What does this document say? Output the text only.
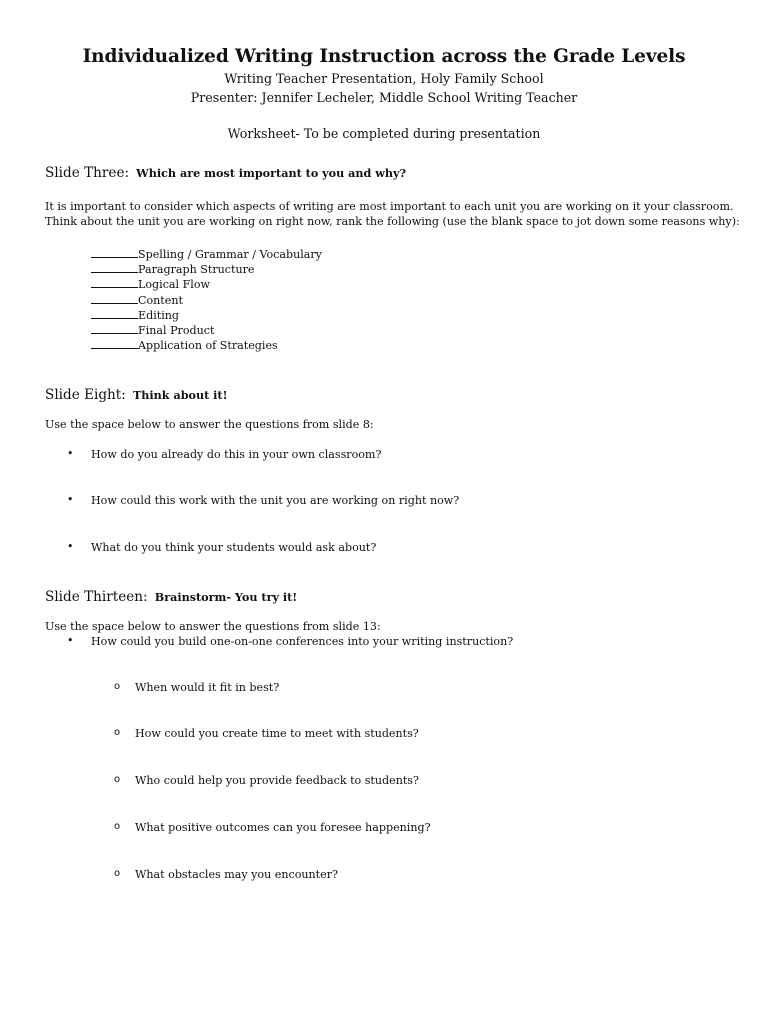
Individualized Writing Instruction across the Grade Levels
Writing Teacher Presentation, Holy Family School
Presenter: Jennifer Lecheler, Middle School Writing Teacher
Worksheet- To be completed during presentation
Slide Three: Which are most important to you and why?
It is important to consider which aspects of writing are most important to each unit you are working on it your classroom.
Think about the unit you are working on right now, rank the following (use the blank space to jot down some reasons why):
Spelling / Grammar / Vocabulary
Paragraph Structure
Logical Flow
Content
Editing
Final Product
Application of Strategies
Slide Eight: Think about it!
Use the space below to answer the questions from slide 8:
• How do you already do this in your own classroom?
• How could this work with the unit you are working on right now?
• What do you think your students would ask about?
Slide Thirteen: Brainstorm- You try it!
Use the space below to answer the questions from slide 13:
• How could you build one-on-one conferences into your writing instruction?
o When would it fit in best?
o How could you create time to meet with students?
o Who could help you provide feedback to students?
o What positive outcomes can you foresee happening?
o What obstacles may you encounter?
